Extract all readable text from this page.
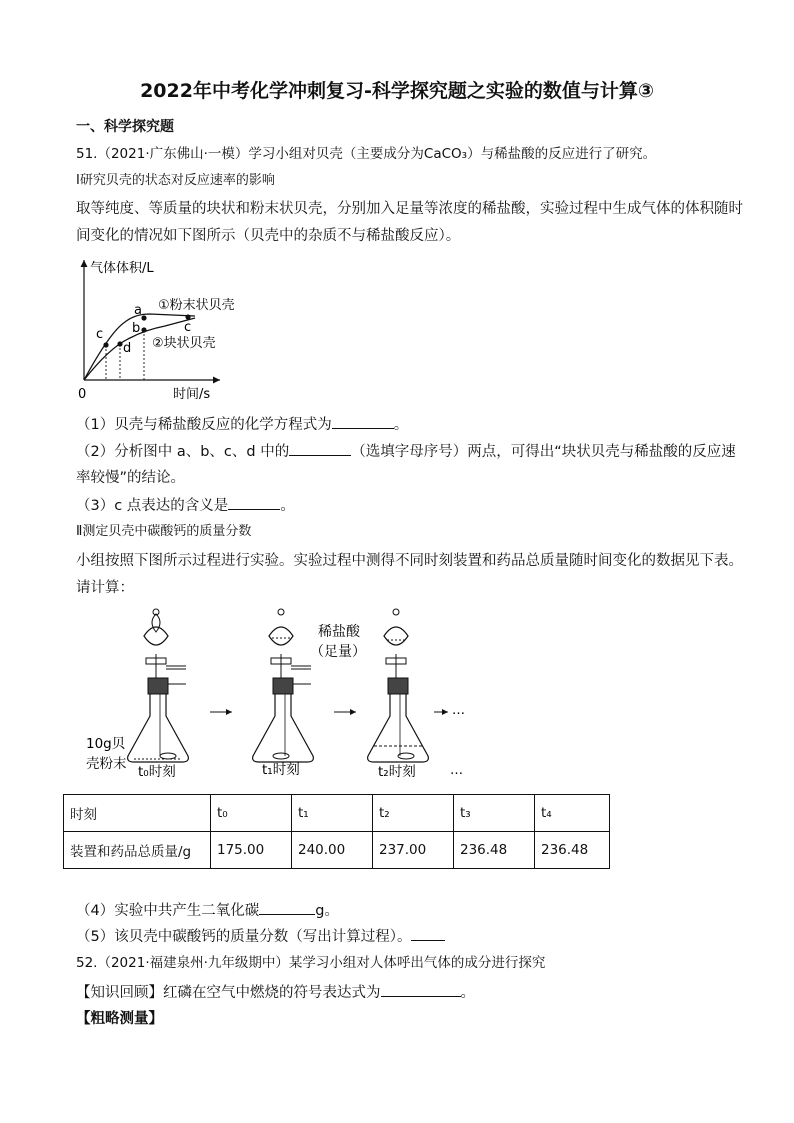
2022年中考化学冲刺复习-科学探究题之实验的数值与计算③
一、科学探究题
51.（2021·广东佛山·一模）学习小组对贝壳（主要成分为CaCO₃）与稀盐酸的反应进行了研究。
Ⅰ研究贝壳的状态对反应速率的影响
取等纯度、等质量的块状和粉末状贝壳，分别加入足量等浓度的稀盐酸，实验过程中生成气体的体积随时
间变化的情况如下图所示（贝壳中的杂质不与稀盐酸反应）。
气体体积/L
时间/s
0
a
b
c	c
d
①粉末状贝壳
②块状贝壳
（1）贝壳与稀盐酸反应的化学方程式为	。
（2）分析图中 a、b、c、d 中的	（选填字母序号）两点，可得出“块状贝壳与稀盐酸的反应速
率较慢”的结论。
（3）c 点表达的含义是	。
Ⅱ测定贝壳中碳酸钙的质量分数
小组按照下图所示过程进行实验。实验过程中测得不同时刻装置和药品总质量随时间变化的数据见下表。
请计算：
…
稀盐酸
（足量）
10g贝
壳粉末 t₀时刻	t₁时刻	t₂时刻	…
时刻	t₀	t₁	t₂	t₃	t₄
装置和药品总质量/g	175.00	240.00	237.00	236.48	236.48
（4）实验中共产生二氧化碳	g。
（5）该贝壳中碳酸钙的质量分数（写出计算过程）。
52.（2021·福建泉州·九年级期中）某学习小组对人体呼出气体的成分进行探究
【知识回顾】红磷在空气中燃烧的符号表达式为	。
【粗略测量】
